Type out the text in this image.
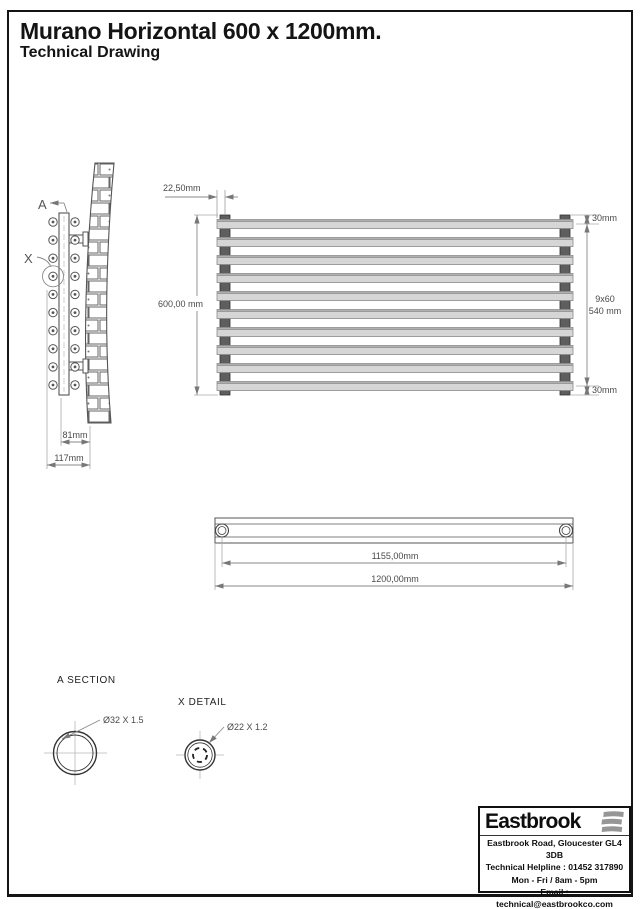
Murano Horizontal 600 x 1200mm.
Technical Drawing
A
X
81mm
117mm
22,50mm
600,00 mm
30mm
9x60
540 mm
30mm
1155,00mm
1200,00mm
A SECTION
Ø32 X 1.5
X DETAIL
Ø22 X 1.2
Eastbrook
Eastbrook Road, Gloucester GL4 3DB
Technical Helpline : 01452 317890
Mon - Fri / 8am - 5pm
Email : technical@eastbrookco.com
